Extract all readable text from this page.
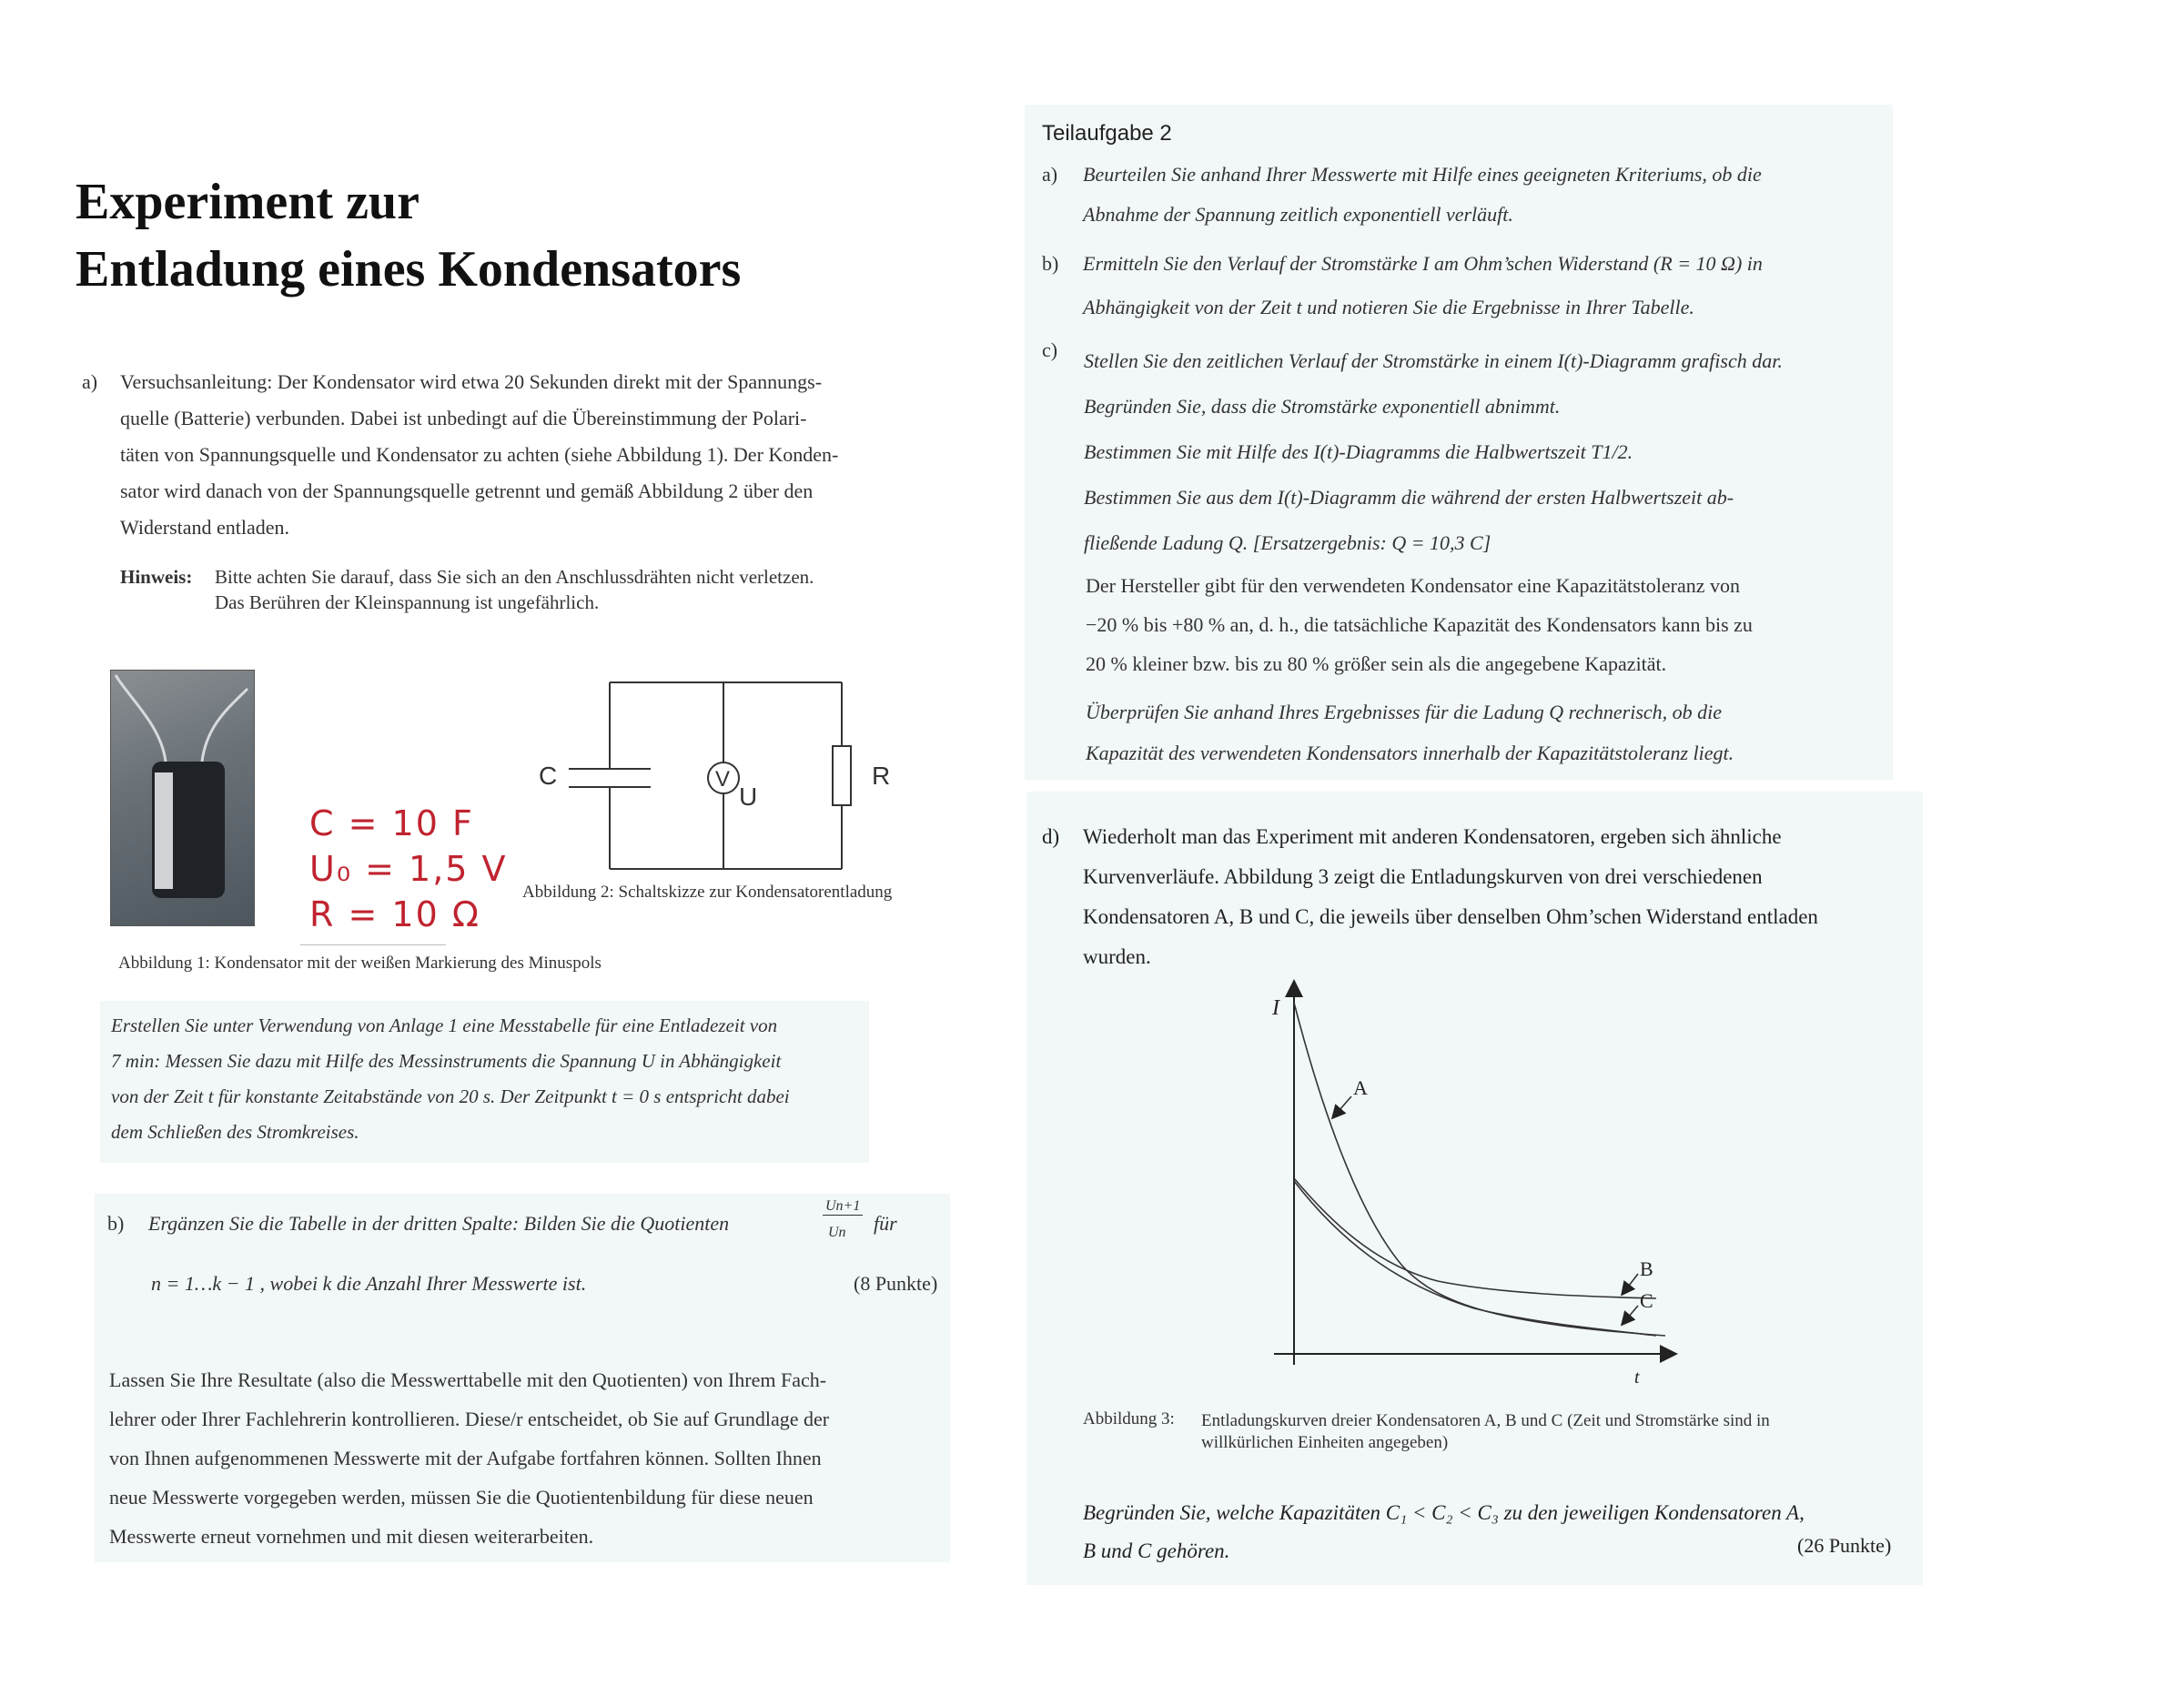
Experiment zur
Entladung eines Kondensators
a) Versuchsanleitung: Der Kondensator wird etwa 20 Sekunden direkt mit der Spannungs-
quelle (Batterie) verbunden. Dabei ist unbedingt auf die Übereinstimmung der Polari-
täten von Spannungsquelle und Kondensator zu achten (siehe Abbildung 1). Der Konden-
sator wird danach von der Spannungsquelle getrennt und gemäß Abbildung 2 über den
Widerstand entladen.
Hinweis: Bitte achten Sie darauf, dass Sie sich an den Anschlussdrähten nicht verletzen.
Das Berühren der Kleinspannung ist ungefährlich.
C = 10 F
U₀ = 1,5 V
R = 10 Ω
C	V
U
R
Abbildung 2: Schaltskizze zur Kondensatorentladung
Abbildung 1: Kondensator mit der weißen Markierung des Minuspols
Erstellen Sie unter Verwendung von Anlage 1 eine Messtabelle für eine Entladezeit von
7 min: Messen Sie dazu mit Hilfe des Messinstruments die Spannung U in Abhängigkeit
von der Zeit t für konstante Zeitabstände von 20 s. Der Zeitpunkt t = 0 s entspricht dabei
dem Schließen des Stromkreises.
b) Ergänzen Sie die Tabelle in der dritten Spalte: Bilden Sie die Quotienten
Un+1
Un für
n = 1…k − 1 , wobei k die Anzahl Ihrer Messwerte ist.	(8 Punkte)
Lassen Sie Ihre Resultate (also die Messwerttabelle mit den Quotienten) von Ihrem Fach-
lehrer oder Ihrer Fachlehrerin kontrollieren. Diese/r entscheidet, ob Sie auf Grundlage der
von Ihnen aufgenommenen Messwerte mit der Aufgabe fortfahren können. Sollten Ihnen
neue Messwerte vorgegeben werden, müssen Sie die Quotientenbildung für diese neuen
Messwerte erneut vornehmen und mit diesen weiterarbeiten.
Teilaufgabe 2
a) Beurteilen Sie anhand Ihrer Messwerte mit Hilfe eines geeigneten Kriteriums, ob die
Abnahme der Spannung zeitlich exponentiell verläuft.
b) Ermitteln Sie den Verlauf der Stromstärke I am Ohm’schen Widerstand (R = 10 Ω) in
Abhängigkeit von der Zeit t und notieren Sie die Ergebnisse in Ihrer Tabelle.
c) Stellen Sie den zeitlichen Verlauf der Stromstärke in einem I(t)-Diagramm grafisch dar.
Begründen Sie, dass die Stromstärke exponentiell abnimmt.
Bestimmen Sie mit Hilfe des I(t)-Diagramms die Halbwertszeit T1/2.
Bestimmen Sie aus dem I(t)-Diagramm die während der ersten Halbwertszeit ab-
fließende Ladung Q. [Ersatzergebnis: Q = 10,3 C]
Der Hersteller gibt für den verwendeten Kondensator eine Kapazitätstoleranz von
−20 % bis +80 % an, d. h., die tatsächliche Kapazität des Kondensators kann bis zu
20 % kleiner bzw. bis zu 80 % größer sein als die angegebene Kapazität.
Überprüfen Sie anhand Ihres Ergebnisses für die Ladung Q rechnerisch, ob die
Kapazität des verwendeten Kondensators innerhalb der Kapazitätstoleranz liegt.
d) Wiederholt man das Experiment mit anderen Kondensatoren, ergeben sich ähnliche
Kurvenverläufe. Abbildung 3 zeigt die Entladungskurven von drei verschiedenen
Kondensatoren A, B und C, die jeweils über denselben Ohm’schen Widerstand entladen
wurden.
I
t
A
B
C
Abbildung 3: Entladungskurven dreier Kondensatoren A, B und C (Zeit und Stromstärke sind in
willkürlichen Einheiten angegeben)
Begründen Sie, welche Kapazitäten C₁ < C₂ < C₃ zu den jeweiligen Kondensatoren A,
B und C gehören.	(26 Punkte)
